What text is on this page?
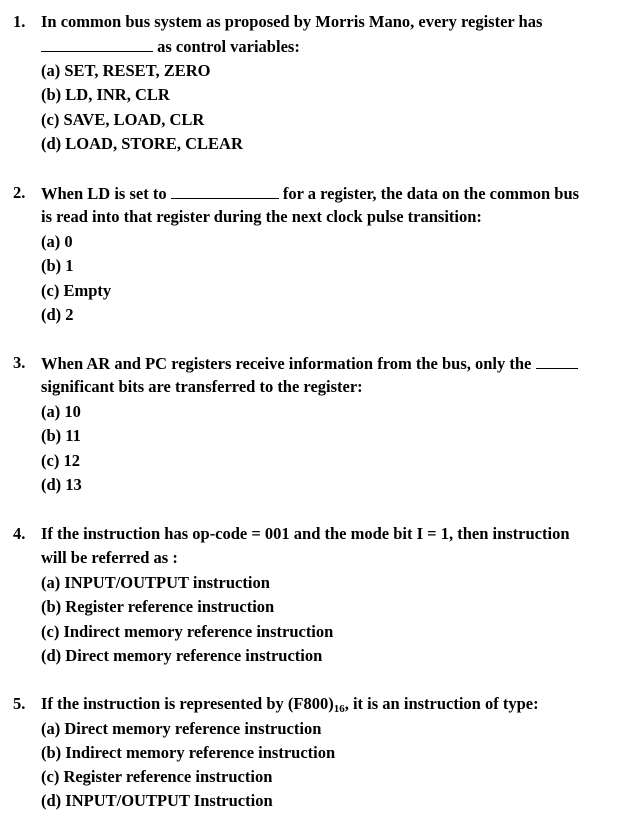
1. In common bus system as proposed by Morris Mano, every register has
as control variables:
(a) SET, RESET, ZERO
(b) LD, INR, CLR
(c) SAVE, LOAD, CLR
(d) LOAD, STORE, CLEAR
2. When LD is set to	for a register, the data on the common bus
is read into that register during the next clock pulse transition:
(a) 0
(b) 1
(c) Empty
(d) 2
3. When AR and PC registers receive information from the bus, only the
significant bits are transferred to the register:
(a) 10
(b) 11
(c) 12
(d) 13
4. If the instruction has op-code = 001 and the mode bit I = 1, then instruction
will be referred as :
(a) INPUT/OUTPUT instruction
(b) Register reference instruction
(c) Indirect memory reference instruction
(d) Direct memory reference instruction
5. If the instruction is represented by $(F800)_{16}$, it is an instruction of type:
(a) Direct memory reference instruction
(b) Indirect memory reference instruction
(c) Register reference instruction
(d) INPUT/OUTPUT Instruction
